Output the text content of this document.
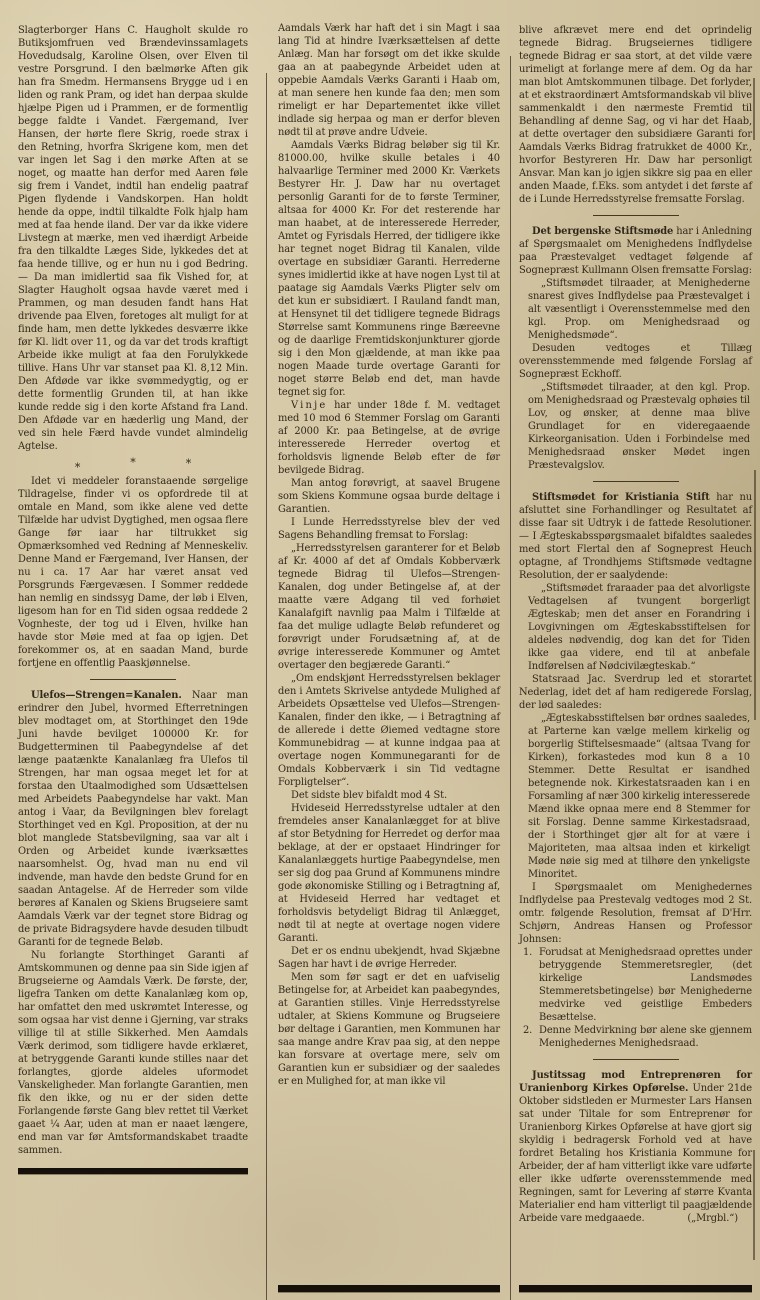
Slagterborger Hans C. Haugholt skulde ro Butiksjomfruen ved Brændevinssamlagets Hovedudsalg, Karoline Olsen, over Elven til vestre Porsgrund. I den bælmørke Aften gik han fra Smedm. Hermansens Brygge ud i en liden og rank Pram, og idet han derpaa skulde hjælpe Pigen ud i Prammen, er de formentlig begge faldte i Vandet. Færgemand, Iver Hansen, der hørte flere Skrig, roede strax i den Retning, hvorfra Skrigene kom, men det var ingen let Sag i den mørke Aften at se noget, og maatte han derfor med Aaren føle sig frem i Vandet, indtil han endelig paatraf Pigen flydende i Vandskorpen. Han holdt hende da oppe, indtil tilkaldte Folk hjalp ham med at faa hende iland. Der var da ikke videre Livstegn at mærke, men ved ihærdigt Arbeide fra den tilkaldte Læges Side, lykkedes det at faa hende tillive, og er hun nu i god Bedring. — Da man imidlertid saa fik Vished for, at Slagter Haugholt ogsaa havde været med i Prammen, og man desuden fandt hans Hat drivende paa Elven, foretoges alt muligt for at finde ham, men dette lykkedes desværre ikke før Kl. lidt over 11, og da var det trods kraftigt Arbeide ikke muligt at faa den Forulykkede tillive. Hans Uhr var stanset paa Kl. 8,12 Min. Den Afdøde var ikke svømmedygtig, og er dette formentlig Grunden til, at han ikke kunde redde sig i den korte Afstand fra Land. Den Afdøde var en hæderlig ung Mand, der ved sin hele Færd havde vundet almindelig Agtelse.

*	*	*

Idet vi meddeler foranstaaende sørgelige Tildragelse, finder vi os opfordrede til at omtale en Mand, som ikke alene ved dette Tilfælde har udvist Dygtighed, men ogsaa flere Gange før iaar har tiltrukket sig Opmærksomhed ved Redning af Menneskeliv. Denne Mand er Færgemand, Iver Hansen, der nu i ca. 17 Aar har været ansat ved Porsgrunds Færgevæsen. I Sommer reddede han nemlig en sindssyg Dame, der løb i Elven, ligesom han for en Tid siden ogsaa reddede 2 Vognheste, der tog ud i Elven, hvilke han havde stor Møie med at faa op igjen. Det forekommer os, at en saadan Mand, burde fortjene en offentlig Paaskjønnelse.

Ulefos—Strengen=Kanalen. Naar man erindrer den Jubel, hvormed Efterretningen blev modtaget om, at Storthinget den 19de Juni havde bevilget 100000 Kr. for Budgetterminen til Paabegyndelse af det længe paatænkte Kanalanlæg fra Ulefos til Strengen, har man ogsaa meget let for at forstaa den Utaalmodighed som Udsættelsen med Arbeidets Paabegyndelse har vakt. Man antog i Vaar, da Bevilgningen blev forelagt Storthinget ved en Kgl. Proposition, at der nu blot manglede Statsbevilgning, saa var alt i Orden og Arbeidet kunde iværksættes naarsomhelst. Og, hvad man nu end vil indvende, man havde den bedste Grund for en saadan Antagelse. Af de Herreder som vilde berøres af Kanalen og Skiens Brugseiere samt Aamdals Værk var der tegnet store Bidrag og de private Bidragsydere havde desuden tilbudt Garanti for de tegnede Beløb.

Nu forlangte Storthinget Garanti af Amtskommunen og denne paa sin Side igjen af Brugseierne og Aamdals Værk. De første, der, ligefra Tanken om dette Kanalanlæg kom op, har omfattet den med uskrømtet Interesse, og som ogsaa har vist denne i Gjerning, var straks villige til at stille Sikkerhed. Men Aamdals Værk derimod, som tidligere havde erklæret, at betryggende Garanti kunde stilles naar det forlangtes, gjorde aldeles uformodet Vanskeligheder. Man forlangte Garantien, men fik den ikke, og nu er der siden dette Forlangende første Gang blev rettet til Værket gaaet ¼ Aar, uden at man er naaet længere, end man var før Amtsformandskabet traadte sammen.

Aamdals Værk har haft det i sin Magt i saa lang Tid at hindre Iværksættelsen af dette Anlæg. Man har forsøgt om det ikke skulde gaa an at paabegynde Arbeidet uden at oppebie Aamdals Værks Garanti i Haab om, at man senere hen kunde faa den; men som rimeligt er har Departementet ikke villet indlade sig herpaa og man er derfor bleven nødt til at prøve andre Udveie.

Aamdals Værks Bidrag beløber sig til Kr. 81000.00, hvilke skulle betales i 40 halvaarlige Terminer med 2000 Kr. Værkets Bestyrer Hr. J. Daw har nu overtaget personlig Garanti for de to første Terminer, altsaa for 4000 Kr. For det resterende har man haabet, at de interesserede Herreder, Amtet og Fyrisdals Herred, der tidligere ikke har tegnet noget Bidrag til Kanalen, vilde overtage en subsidiær Garanti. Herrederne synes imidlertid ikke at have nogen Lyst til at paatage sig Aamdals Værks Pligter selv om det kun er subsidiært. I Rauland fandt man, at Hensynet til det tidligere tegnede Bidrags Størrelse samt Kommunens ringe Bæreevne og de daarlige Fremtidskonjunkturer gjorde sig i den Mon gjældende, at man ikke paa nogen Maade turde overtage Garanti for noget større Beløb end det, man havde tegnet sig for.

Vinje har under 18de f. M. vedtaget med 10 mod 6 Stemmer Forslag om Garanti af 2000 Kr. paa Betingelse, at de øvrige interesserede Herreder overtog et forholdsvis lignende Beløb efter de før bevilgede Bidrag.

Man antog forøvrigt, at saavel Brugene som Skiens Kommune ogsaa burde deltage i Garantien.

I Lunde Herredsstyrelse blev der ved Sagens Behandling fremsat to Forslag:

„Herredsstyrelsen garanterer for et Beløb af Kr. 4000 af det af Omdals Kobberværk tegnede Bidrag til Ulefos—Strengen-Kanalen, dog under Betingelse af, at der maatte være Adgang til ved forhøiet Kanalafgift navnlig paa Malm i Tilfælde at faa det mulige udlagte Beløb refunderet og forøvrigt under Forudsætning af, at de øvrige interesserede Kommuner og Amtet overtager den begjærede Garanti.“

„Om endskjønt Herredsstyrelsen beklager den i Amtets Skrivelse antydede Mulighed af Arbeidets Opsættelse ved Ulefos—Strengen-Kanalen, finder den ikke, — i Betragtning af de allerede i dette Øiemed vedtagne store Kommunebidrag — at kunne indgaa paa at overtage nogen Kommunegaranti for de Omdals Kobberværk i sin Tid vedtagne Forpligtelser“.

Det sidste blev bifaldt mod 4 St.

Hvideseid Herredsstyrelse udtaler at den fremdeles anser Kanalanlægget for at blive af stor Betydning for Herredet og derfor maa beklage, at der er opstaaet Hindringer for Kanalanlæggets hurtige Paabegyndelse, men ser sig dog paa Grund af Kommunens mindre gode økonomiske Stilling og i Betragtning af, at Hvideseid Herred har vedtaget et forholdsvis betydeligt Bidrag til Anlægget, nødt til at negte at overtage nogen videre Garanti.

Det er os endnu ubekjendt, hvad Skjæbne Sagen har havt i de øvrige Herreder.

Men som før sagt er det en uafviselig Betingelse for, at Arbeidet kan paabegyndes, at Garantien stilles. Vinje Herredsstyrelse udtaler, at Skiens Kommune og Brugseiere bør deltage i Garantien, men Kommunen har saa mange andre Krav paa sig, at den neppe kan forsvare at overtage mere, selv om Garantien kun er subsidiær og der saaledes er en Mulighed for, at man ikke vil

blive afkrævet mere end det oprindelig tegnede Bidrag. Brugseiernes tidligere tegnede Bidrag er saa stort, at det vilde være urimeligt at forlange mere af dem. Og da har man blot Amtskommunen tilbage. Det forlyder, at et ekstraordinært Amtsformandskab vil blive sammenkaldt i den nærmeste Fremtid til Behandling af denne Sag, og vi har det Haab, at dette overtager den subsidiære Garanti for Aamdals Værks Bidrag fratrukket de 4000 Kr., hvorfor Bestyreren Hr. Daw har personligt Ansvar. Man kan jo igjen sikkre sig paa en eller anden Maade, f.Eks. som antydet i det første af de i Lunde Herredsstyrelse fremsatte Forslag.

Det bergenske Stiftsmøde har i Anledning af Spørgsmaalet om Menighedens Indflydelse paa Præstevalget vedtaget følgende af Sognepræst Kullmann Olsen fremsatte Forslag:

„Stiftsmødet tilraader, at Menighederne snarest gives Indflydelse paa Præstevalget i alt væsentligt i Overensstemmelse med den kgl. Prop. om Menighedsraad og Menighedsmøde“.

Desuden vedtoges et Tillæg overensstemmende med følgende Forslag af Sognepræst Eckhoff.

„Stiftsmødet tilraader, at den kgl. Prop. om Menighedsraad og Præstevalg ophøies til Lov, og ønsker, at denne maa blive Grundlaget for en videregaaende Kirkeorganisation. Uden i Forbindelse med Menighedsraad ønsker Mødet ingen Præstevalgslov.

Stiftsmødet for Kristiania Stift har nu afsluttet sine Forhandlinger og Resultatet af disse faar sit Udtryk i de fattede Resolutioner. — I Ægteskabsspørgsmaalet bifaldtes saaledes med stort Flertal den af Sogneprest Heuch optagne, af Trondhjems Stiftsmøde vedtagne Resolution, der er saalydende:

„Stiftsmødet fraraader paa det alvorligste Vedtagelsen af tvungent borgerligt Ægteskab; men det anser en Forandring i Lovgivningen om Ægteskabsstiftelsen for aldeles nødvendig, dog kan det for Tiden ikke gaa videre, end til at anbefale Indførelsen af Nødcivilægteskab.“

Statsraad Jac. Sverdrup led et storartet Nederlag, idet det af ham redigerede Forslag, der lød saaledes:

„Ægteskabsstiftelsen bør ordnes saaledes, at Parterne kan vælge mellem kirkelig og borgerlig Stiftelsesmaade“ (altsaa Tvang for Kirken), forkastedes mod kun 8 a 10 Stemmer. Dette Resultat er isandhed betegnende nok. Kirkestatsraaden kan i en Forsamling af nær 300 kirkelig interesserede Mænd ikke opnaa mere end 8 Stemmer for sit Forslag. Denne samme Kirkestadsraad, der i Storthinget gjør alt for at være i Majoriteten, maa altsaa inden et kirkeligt Møde nøie sig med at tilhøre den ynkeligste Minoritet.

I Spørgsmaalet om Menighedernes Indflydelse paa Prestevalg vedtoges mod 2 St. omtr. følgende Resolution, fremsat af D'Hrr. Schjørn, Andreas Hansen og Professor Johnsen:

1. Forudsat at Menighedsraad oprettes under betryggende Stemmeretsregler, (det kirkelige Landsmødes Stemmeretsbetingelse) bør Menighederne medvirke ved geistlige Embeders Besættelse.
2. Denne Medvirkning bør alene ske gjennem Menighedernes Menighedsraad.

Justitssag mod Entreprenøren for Uranienborg Kirkes Opførelse. Under 21de Oktober sidstleden er Murmester Lars Hansen sat under Tiltale for som Entreprenør for Uranienborg Kirkes Opførelse at have gjort sig skyldig i bedragersk Forhold ved at have fordret Betaling hos Kristiania Kommune for Arbeider, der af ham vitterligt ikke vare udførte eller ikke udførte overensstemmende med Regningen, samt for Levering af større Kvanta Materialier end ham vitterligt til paagjældende Arbeide vare medgaaede.	(„Mrgbl.“)
